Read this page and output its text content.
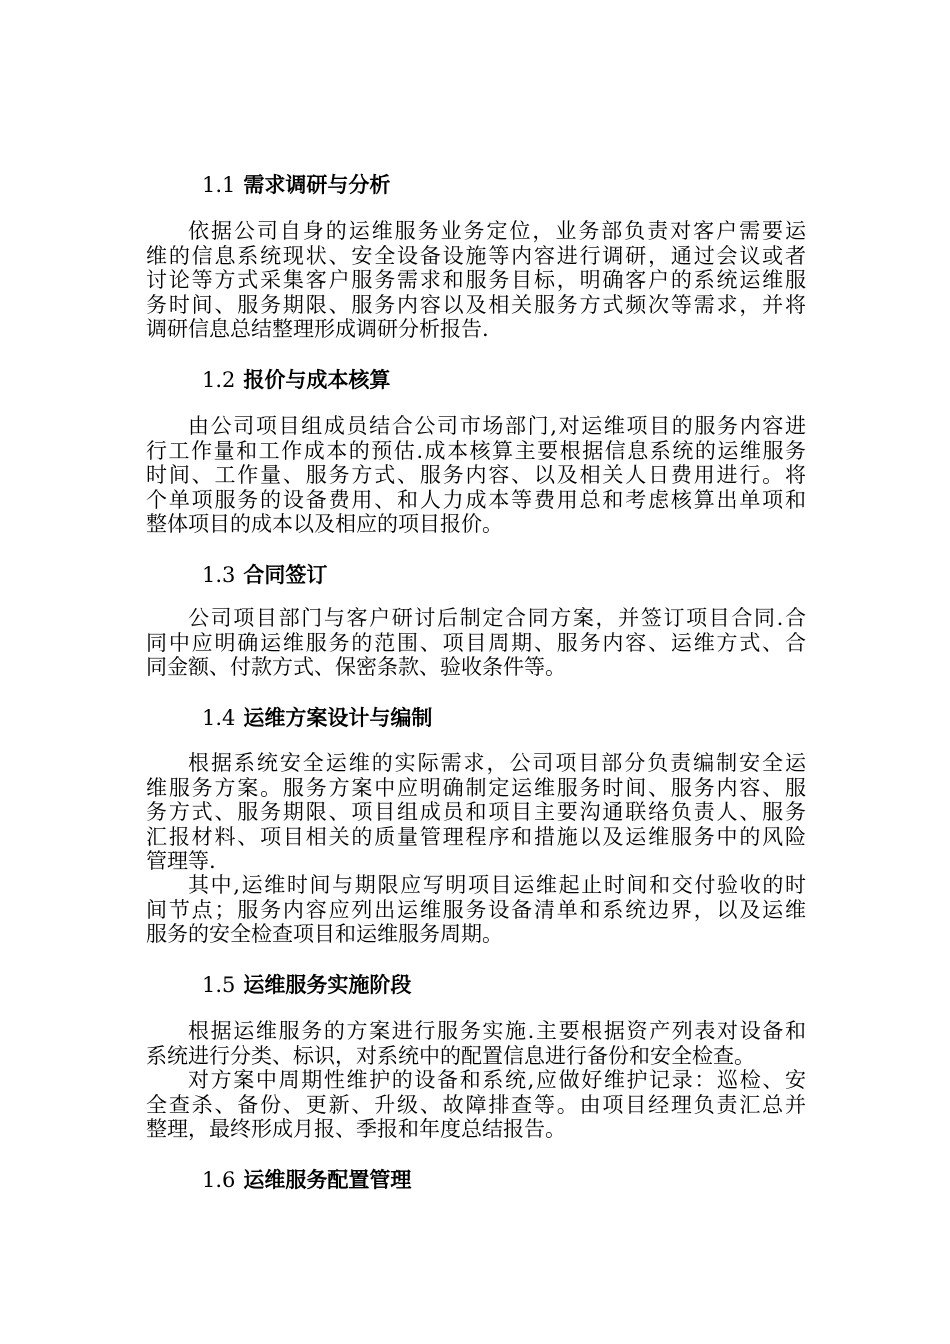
1.1 需求调研与分析
依据公司自身的运维服务业务定位，业务部负责对客户需要运
维的信息系统现状、安全设备设施等内容进行调研，通过会议或者
讨论等方式采集客户服务需求和服务目标，明确客户的系统运维服
务时间、服务期限、服务内容以及相关服务方式频次等需求，并将
调研信息总结整理形成调研分析报告.
1.2 报价与成本核算
由公司项目组成员结合公司市场部门,对运维项目的服务内容进
行工作量和工作成本的预估.成本核算主要根据信息系统的运维服务
时间、工作量、服务方式、服务内容、以及相关人日费用进行。将
个单项服务的设备费用、和人力成本等费用总和考虑核算出单项和
整体项目的成本以及相应的项目报价。
1.3 合同签订
公司项目部门与客户研讨后制定合同方案，并签订项目合同.合
同中应明确运维服务的范围、项目周期、服务内容、运维方式、合
同金额、付款方式、保密条款、验收条件等。
1.4 运维方案设计与编制
根据系统安全运维的实际需求，公司项目部分负责编制安全运
维服务方案。服务方案中应明确制定运维服务时间、服务内容、服
务方式、服务期限、项目组成员和项目主要沟通联络负责人、服务
汇报材料、项目相关的质量管理程序和措施以及运维服务中的风险
管理等.
其中,运维时间与期限应写明项目运维起止时间和交付验收的时
间节点；服务内容应列出运维服务设备清单和系统边界，以及运维
服务的安全检查项目和运维服务周期。
1.5 运维服务实施阶段
根据运维服务的方案进行服务实施.主要根据资产列表对设备和
系统进行分类、标识，对系统中的配置信息进行备份和安全检查。
对方案中周期性维护的设备和系统,应做好维护记录：巡检、安
全查杀、备份、更新、升级、故障排查等。由项目经理负责汇总并
整理，最终形成月报、季报和年度总结报告。
1.6 运维服务配置管理
